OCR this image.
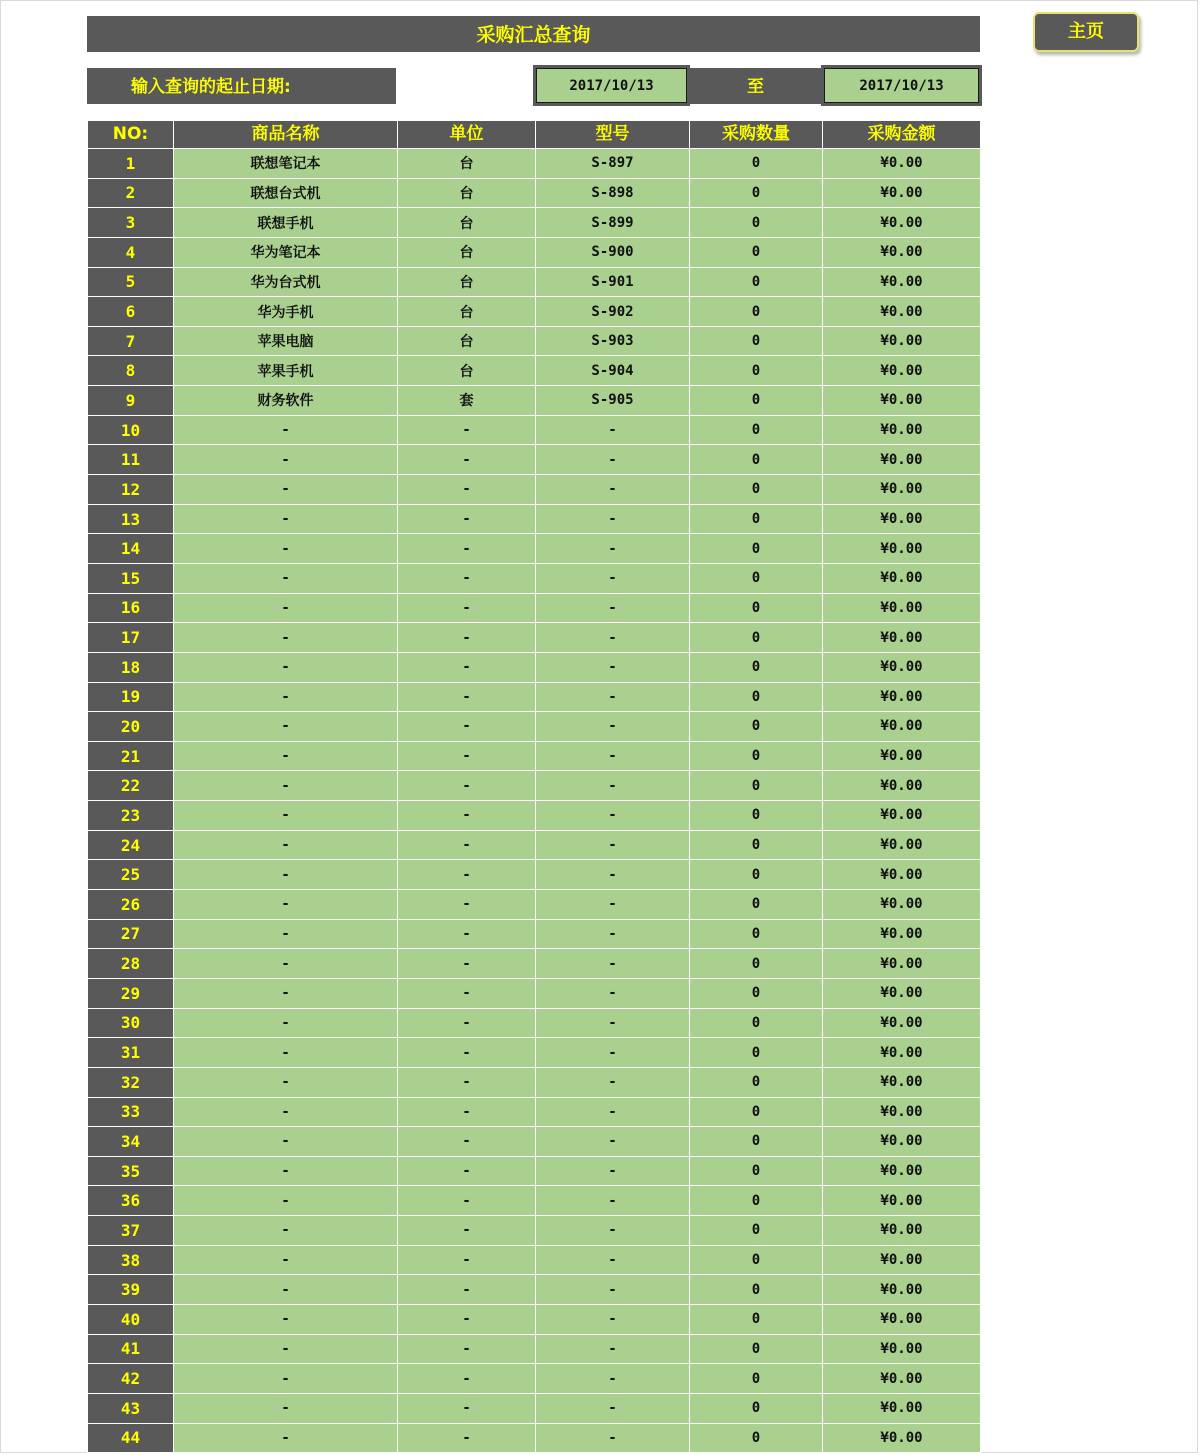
采购汇总查询	主页
输入查询的起止日期:
2017/10/13	至
2017/10/13
NO:	商品名称	单位	型号	采购数量	采购金额
1	联想笔记本	台	S-897	0	¥0.00
2	联想台式机	台	S-898	0	¥0.00
3	联想手机	台	S-899	0	¥0.00
4	华为笔记本	台	S-900	0	¥0.00
5	华为台式机	台	S-901	0	¥0.00
6	华为手机	台	S-902	0	¥0.00
7	苹果电脑	台	S-903	0	¥0.00
8	苹果手机	台	S-904	0	¥0.00
9	财务软件	套	S-905	0	¥0.00
10	-	-	-	0	¥0.00
11	-	-	-	0	¥0.00
12	-	-	-	0	¥0.00
13	-	-	-	0	¥0.00
14	-	-	-	0	¥0.00
15	-	-	-	0	¥0.00
16	-	-	-	0	¥0.00
17	-	-	-	0	¥0.00
18	-	-	-	0	¥0.00
19	-	-	-	0	¥0.00
20	-	-	-	0	¥0.00
21	-	-	-	0	¥0.00
22	-	-	-	0	¥0.00
23	-	-	-	0	¥0.00
24	-	-	-	0	¥0.00
25	-	-	-	0	¥0.00
26	-	-	-	0	¥0.00
27	-	-	-	0	¥0.00
28	-	-	-	0	¥0.00
29	-	-	-	0	¥0.00
30	-	-	-	0	¥0.00
31	-	-	-	0	¥0.00
32	-	-	-	0	¥0.00
33	-	-	-	0	¥0.00
34	-	-	-	0	¥0.00
35	-	-	-	0	¥0.00
36	-	-	-	0	¥0.00
37	-	-	-	0	¥0.00
38	-	-	-	0	¥0.00
39	-	-	-	0	¥0.00
40	-	-	-	0	¥0.00
41	-	-	-	0	¥0.00
42	-	-	-	0	¥0.00
43	-	-	-	0	¥0.00
44	-	-	-	0	¥0.00
